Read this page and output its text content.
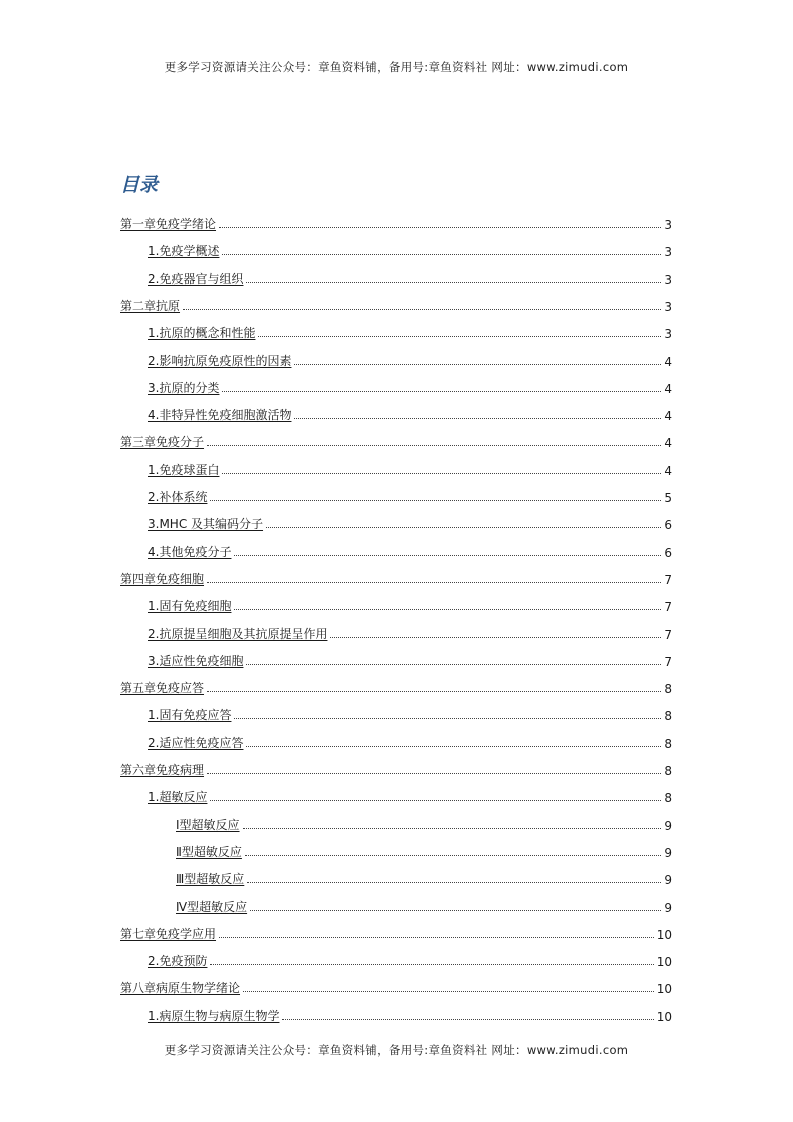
更多学习资源请关注公众号：章鱼资料铺，备用号:章鱼资料社 网址：www.zimudi.com
目录
第一章免疫学绪论	3
1.免疫学概述	3
2.免疫器官与组织	3
第二章抗原	3
1.抗原的概念和性能	3
2.影响抗原免疫原性的因素	4
3.抗原的分类	4
4.非特异性免疫细胞激活物	4
第三章免疫分子	4
1.免疫球蛋白	4
2.补体系统	5
3.MHC 及其编码分子	6
4.其他免疫分子	6
第四章免疫细胞	7
1.固有免疫细胞	7
2.抗原提呈细胞及其抗原提呈作用	7
3.适应性免疫细胞	7
第五章免疫应答	8
1.固有免疫应答	8
2.适应性免疫应答	8
第六章免疫病理	8
1.超敏反应	8
Ⅰ型超敏反应	9
Ⅱ型超敏反应	9
Ⅲ型超敏反应	9
Ⅳ型超敏反应	9
第七章免疫学应用	10
2.免疫预防	10
第八章病原生物学绪论	10
1.病原生物与病原生物学	10
更多学习资源请关注公众号：章鱼资料铺，备用号:章鱼资料社 网址：www.zimudi.com
